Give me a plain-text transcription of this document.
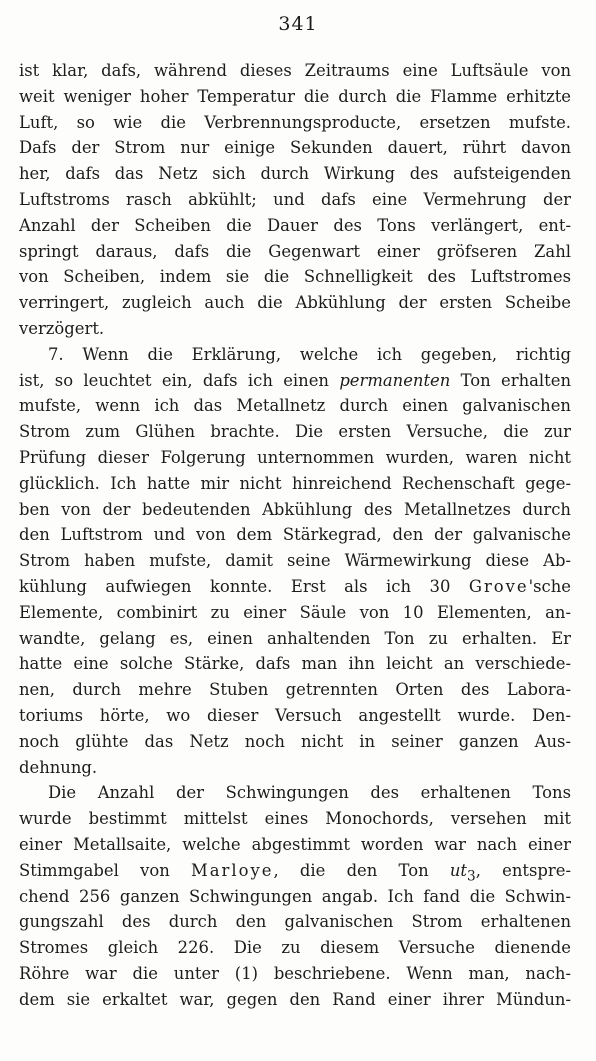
341
ist klar, dafs, während dieses Zeitraums eine Luftsäule von
weit weniger hoher Temperatur die durch die Flamme erhitzte
Luft, so wie die Verbrennungsproducte, ersetzen mufste.
Dafs der Strom nur einige Sekunden dauert, rührt davon
her, dafs das Netz sich durch Wirkung des aufsteigenden
Luftstroms rasch abkühlt; und dafs eine Vermehrung der
Anzahl der Scheiben die Dauer des Tons verlängert, ent-
springt daraus, dafs die Gegenwart einer gröfseren Zahl
von Scheiben, indem sie die Schnelligkeit des Luftstromes
verringert, zugleich auch die Abkühlung der ersten Scheibe
verzögert.
7. Wenn die Erklärung, welche ich gegeben, richtig
ist, so leuchtet ein, dafs ich einen permanenten Ton erhalten
mufste, wenn ich das Metallnetz durch einen galvanischen
Strom zum Glühen brachte. Die ersten Versuche, die zur
Prüfung dieser Folgerung unternommen wurden, waren nicht
glücklich. Ich hatte mir nicht hinreichend Rechenschaft gege-
ben von der bedeutenden Abkühlung des Metallnetzes durch
den Luftstrom und von dem Stärkegrad, den der galvanische
Strom haben mufste, damit seine Wärmewirkung diese Ab-
kühlung aufwiegen konnte. Erst als ich 30 Grove'sche
Elemente, combinirt zu einer Säule von 10 Elementen, an-
wandte, gelang es, einen anhaltenden Ton zu erhalten. Er
hatte eine solche Stärke, dafs man ihn leicht an verschiede-
nen, durch mehre Stuben getrennten Orten des Labora-
toriums hörte, wo dieser Versuch angestellt wurde. Den-
noch glühte das Netz noch nicht in seiner ganzen Aus-
dehnung.
Die Anzahl der Schwingungen des erhaltenen Tons
wurde bestimmt mittelst eines Monochords, versehen mit
einer Metallsaite, welche abgestimmt worden war nach einer
Stimmgabel von Marloye, die den Ton $ut_3$, entspre-
chend 256 ganzen Schwingungen angab. Ich fand die Schwin-
gungszahl des durch den galvanischen Strom erhaltenen
Stromes gleich 226. Die zu diesem Versuche dienende
Röhre war die unter (1) beschriebene. Wenn man, nach-
dem sie erkaltet war, gegen den Rand einer ihrer Mündun-
